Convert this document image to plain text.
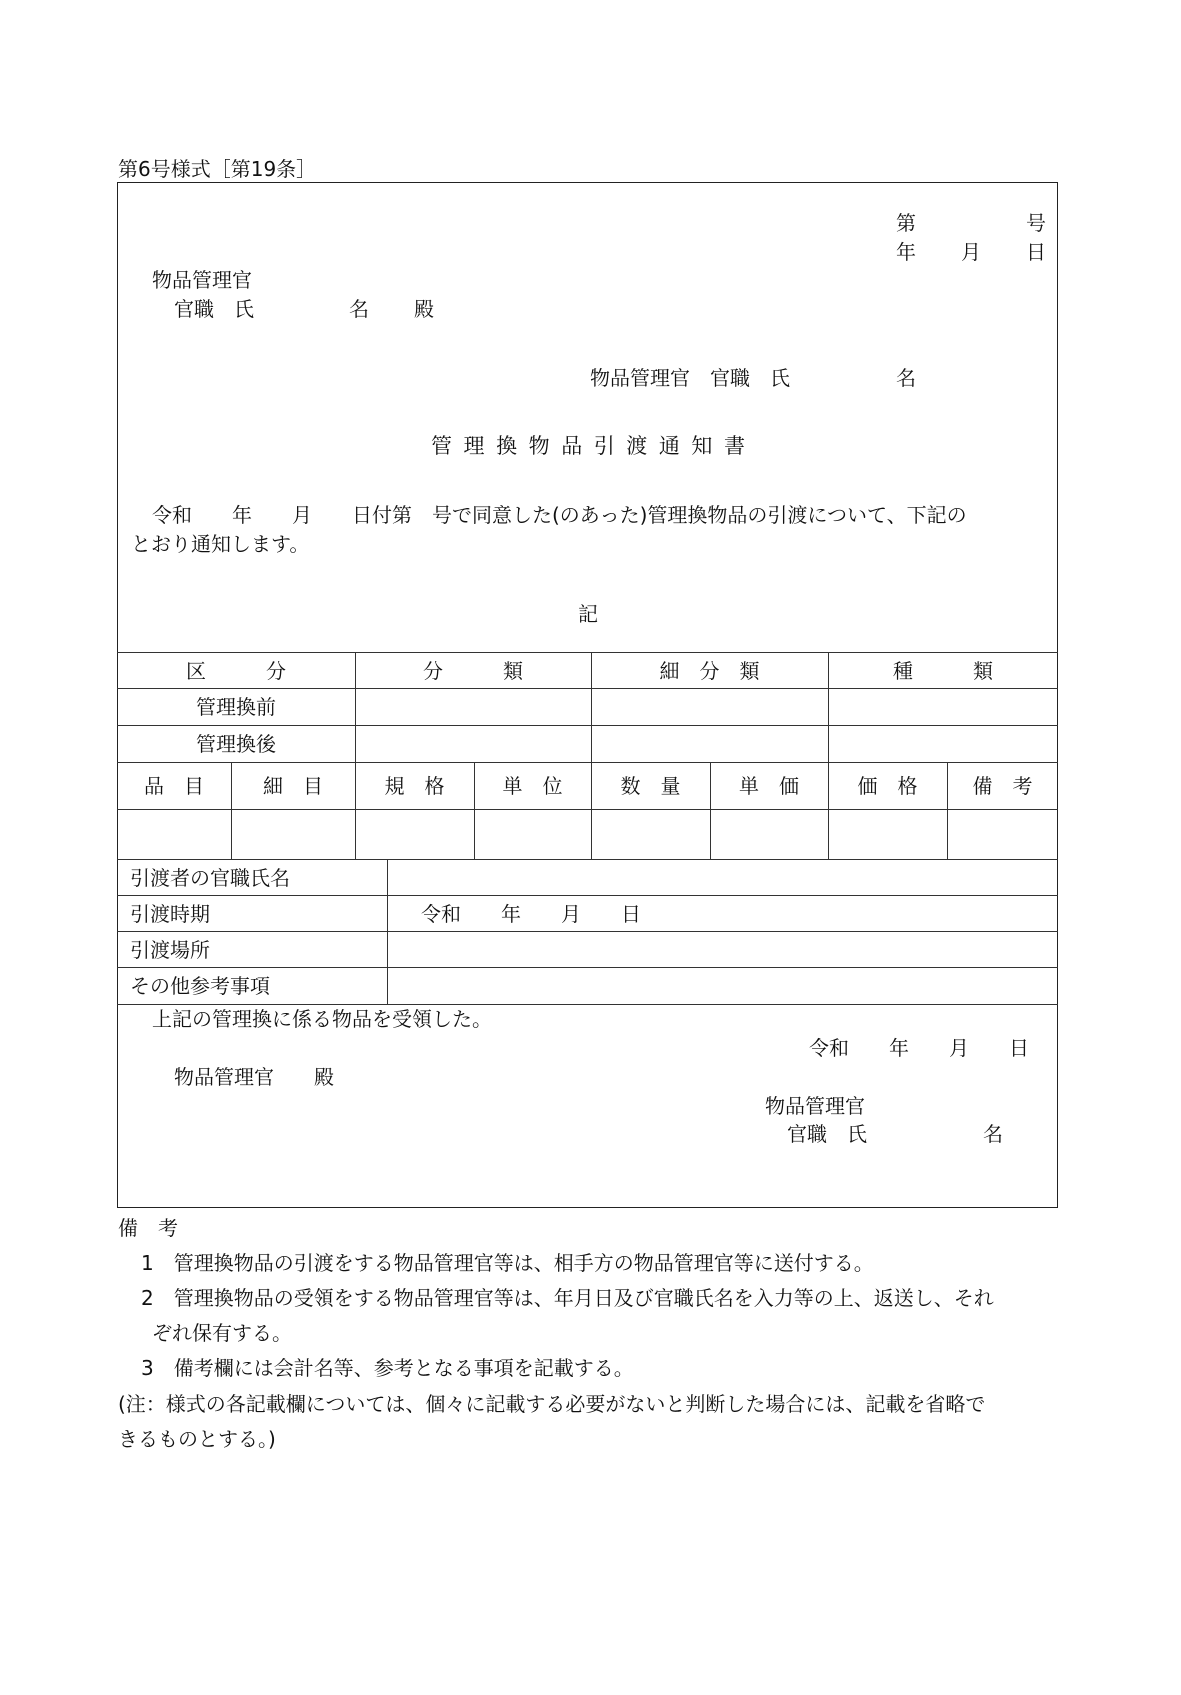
第6号様式［第19条］
第	号
年 月 日
物品管理官
官職　氏	名 殿
物品管理官　官職　氏	名
管理換物品引渡通知書
令和　　年　　月　　日付第　号で同意した(のあった)管理換物品の引渡について、下記の
とおり通知します。
記
区　　　分	分　　　類	細　分　類	種　　　類
管理換前
管理換後
品　目	細　目	規　格	単　位	数　量	単　価	価　格	備　考
引渡者の官職氏名
引渡時期	令和　　年　　月　　日
引渡場所
その他参考事項
上記の管理換に係る物品を受領した。
令和　　年　　月　　日
物品管理官　　殿
物品管理官
官職　氏	名
備　考
1　管理換物品の引渡をする物品管理官等は、相手方の物品管理官等に送付する。
2　管理換物品の受領をする物品管理官等は、年月日及び官職氏名を入力等の上、返送し、それ
ぞれ保有する。
3　備考欄には会計名等、参考となる事項を記載する。
(注：様式の各記載欄については、個々に記載する必要がないと判断した場合には、記載を省略で
きるものとする。)
